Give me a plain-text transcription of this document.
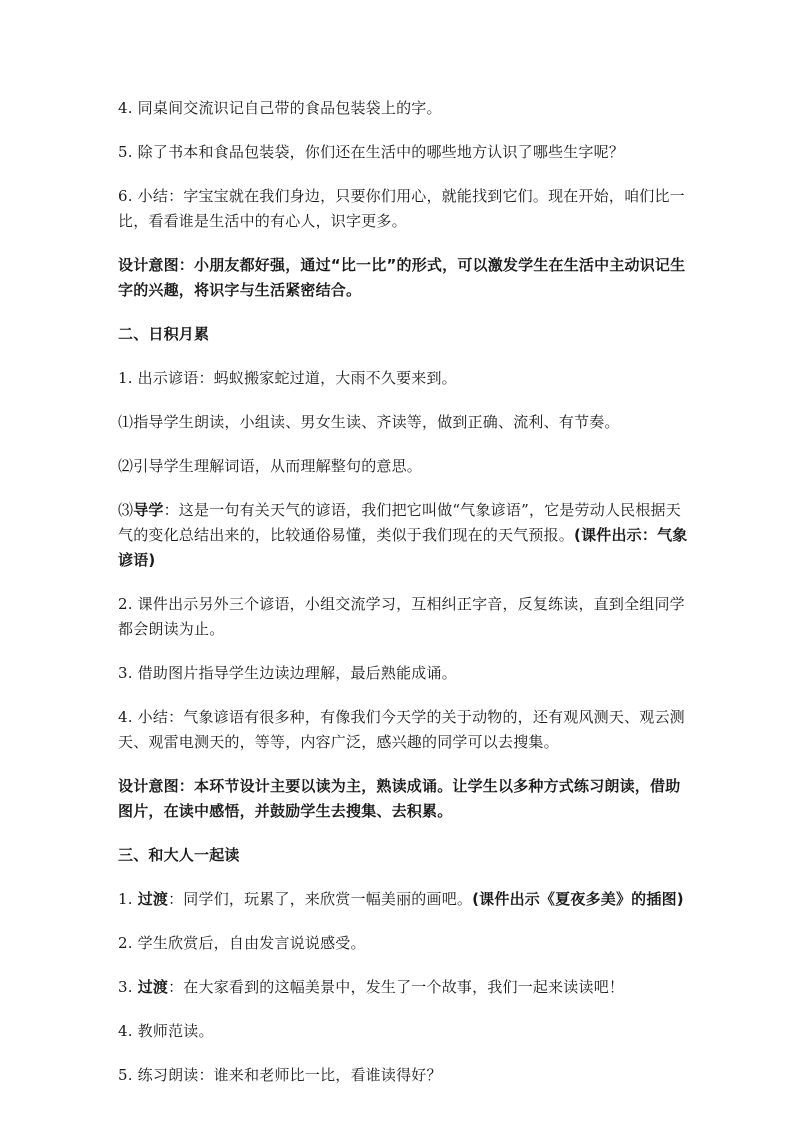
4. 同桌间交流识记自己带的食品包装袋上的字。

5. 除了书本和食品包装袋，你们还在生活中的哪些地方认识了哪些生字呢？

6. 小结：字宝宝就在我们身边，只要你们用心，就能找到它们。现在开始，咱们比一比，看看谁是生活中的有心人，识字更多。

设计意图：小朋友都好强，通过“比一比”的形式，可以激发学生在生活中主动识记生字的兴趣，将识字与生活紧密结合。

二、日积月累

1. 出示谚语：蚂蚁搬家蛇过道，大雨不久要来到。

⑴指导学生朗读，小组读、男女生读、齐读等，做到正确、流利、有节奏。

⑵引导学生理解词语，从而理解整句的意思。

⑶导学：这是一句有关天气的谚语，我们把它叫做“气象谚语”，它是劳动人民根据天气的变化总结出来的，比较通俗易懂，类似于我们现在的天气预报。(课件出示：气象谚语)

2. 课件出示另外三个谚语，小组交流学习，互相纠正字音，反复练读，直到全组同学都会朗读为止。

3. 借助图片指导学生边读边理解，最后熟能成诵。

4. 小结：气象谚语有很多种，有像我们今天学的关于动物的，还有观风测天、观云测天、观雷电测天的，等等，内容广泛，感兴趣的同学可以去搜集。

设计意图：本环节设计主要以读为主，熟读成诵。让学生以多种方式练习朗读，借助图片，在读中感悟，并鼓励学生去搜集、去积累。

三、和大人一起读

1. 过渡：同学们，玩累了，来欣赏一幅美丽的画吧。(课件出示《夏夜多美》的插图)

2. 学生欣赏后，自由发言说说感受。

3. 过渡：在大家看到的这幅美景中，发生了一个故事，我们一起来读读吧！

4. 教师范读。

5. 练习朗读：谁来和老师比一比，看谁读得好？
